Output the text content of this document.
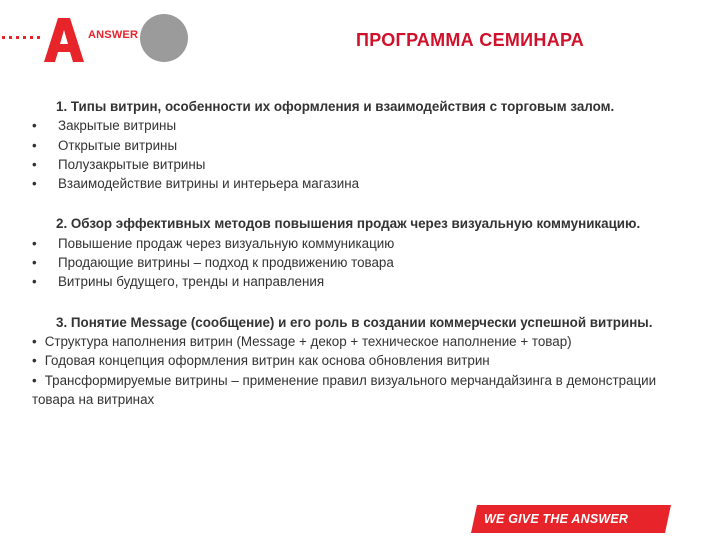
ANSWER	ПРОГРАММА СЕМИНАРА

1. Типы витрин, особенности их оформления и взаимодействия с торговым залом.

• Закрытые витрины
• Открытые витрины
• Полузакрытые витрины
• Взаимодействие витрины и интерьера магазина

2. Обзор эффективных методов повышения продаж через визуальную коммуникацию.

• Повышение продаж через визуальную коммуникацию
• Продающие витрины – подход к продвижению товара
• Витрины будущего, тренды и направления

3. Понятие Message (сообщение) и его роль в создании коммерчески успешной витрины.

• Структура наполнения витрин (Message + декор + техническое наполнение + товар)
• Годовая концепция оформления витрин как основа обновления витрин
• Трансформируемые витрины – применение правил визуального мерчандайзинга в демонстрации товара на витринах
WE GIVE THE ANSWER
